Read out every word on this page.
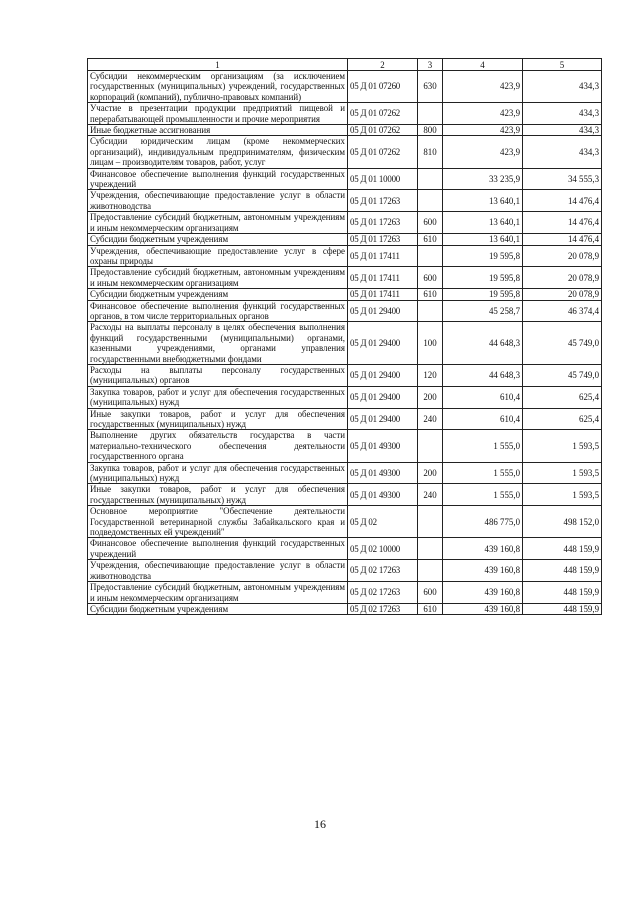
1	2	3	4	5
Субсидии некоммерческим организациям (за исключением государственных (муниципальных) учреждений, государственных корпораций (компаний), публично-правовых компаний)	05 Д 01 07260	630	423,9	434,3
Участие в презентации продукции предприятий пищевой и перерабатывающей промышленности и прочие мероприятия	05 Д 01 07262		423,9	434,3
Иные бюджетные ассигнования	05 Д 01 07262	800	423,9	434,3
Субсидии юридическим лицам (кроме некоммерческих организаций), индивидуальным предпринимателям, физическим лицам – производителям товаров, работ, услуг	05 Д 01 07262	810	423,9	434,3
Финансовое обеспечение выполнения функций государственных учреждений	05 Д 01 10000		33 235,9	34 555,3
Учреждения, обеспечивающие предоставление услуг в области животноводства	05 Д 01 17263		13 640,1	14 476,4
Предоставление субсидий бюджетным, автономным учреждениям и иным некоммерческим организациям	05 Д 01 17263	600	13 640,1	14 476,4
Субсидии бюджетным учреждениям	05 Д 01 17263	610	13 640,1	14 476,4
Учреждения, обеспечивающие предоставление услуг в сфере охраны природы	05 Д 01 17411		19 595,8	20 078,9
Предоставление субсидий бюджетным, автономным учреждениям и иным некоммерческим организациям	05 Д 01 17411	600	19 595,8	20 078,9
Субсидии бюджетным учреждениям	05 Д 01 17411	610	19 595,8	20 078,9
Финансовое обеспечение выполнения функций государственных органов, в том числе территориальных органов	05 Д 01 29400		45 258,7	46 374,4
Расходы на выплаты персоналу в целях обеспечения выполнения функций государственными (муниципальными) органами, казенными учреждениями, органами управления государственными внебюджетными фондами	05 Д 01 29400	100	44 648,3	45 749,0
Расходы на выплаты персоналу государственных (муниципальных) органов	05 Д 01 29400	120	44 648,3	45 749,0
Закупка товаров, работ и услуг для обеспечения государственных (муниципальных) нужд	05 Д 01 29400	200	610,4	625,4
Иные закупки товаров, работ и услуг для обеспечения государственных (муниципальных) нужд	05 Д 01 29400	240	610,4	625,4
Выполнение других обязательств государства в части материально-технического обеспечения деятельности государственного органа	05 Д 01 49300		1 555,0	1 593,5
Закупка товаров, работ и услуг для обеспечения государственных (муниципальных) нужд	05 Д 01 49300	200	1 555,0	1 593,5
Иные закупки товаров, работ и услуг для обеспечения государственных (муниципальных) нужд	05 Д 01 49300	240	1 555,0	1 593,5
Основное мероприятие "Обеспечение деятельности Государственной ветеринарной службы Забайкальского края и подведомственных ей учреждений"	05 Д 02		486 775,0	498 152,0
Финансовое обеспечение выполнения функций государственных учреждений	05 Д 02 10000		439 160,8	448 159,9
Учреждения, обеспечивающие предоставление услуг в области животноводства	05 Д 02 17263		439 160,8	448 159,9
Предоставление субсидий бюджетным, автономным учреждениям и иным некоммерческим организациям	05 Д 02 17263	600	439 160,8	448 159,9
Субсидии бюджетным учреждениям	05 Д 02 17263	610	439 160,8	448 159,9
16
